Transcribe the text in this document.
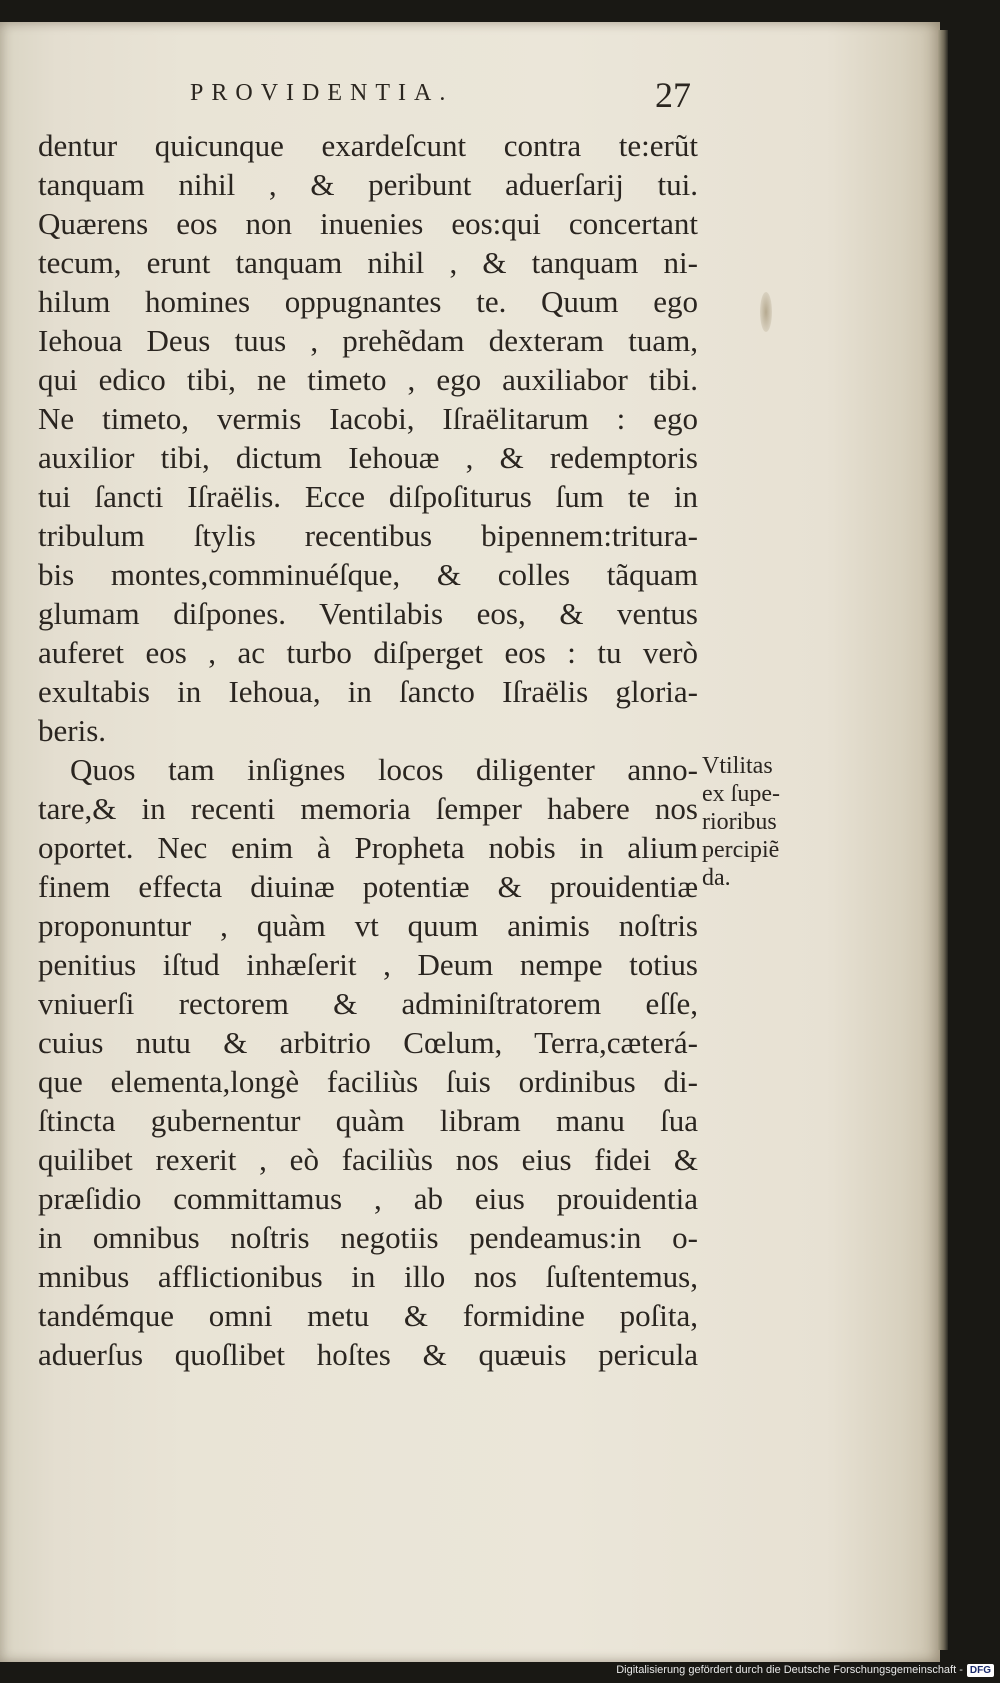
PROVIDENTIA.	27
dentur quicunque exardeſcunt contra te:erũt
tanquam nihil , & peribunt aduerſarij tui.
Quærens eos non inuenies eos:qui concertant
tecum, erunt tanquam nihil , & tanquam ni-
hilum homines oppugnantes te. Quum ego
Iehoua Deus tuus , prehẽdam dexteram tuam,
qui edico tibi, ne timeto , ego auxiliabor tibi.
Ne timeto, vermis Iacobi, Iſraëlitarum : ego
auxilior tibi, dictum Iehouæ , & redemptoris
tui ſancti Iſraëlis. Ecce diſpoſiturus ſum te in
tribulum ſtylis recentibus bipennem:tritura-
bis montes,comminuéſque, & colles tãquam
glumam diſpones. Ventilabis eos, & ventus
auferet eos , ac turbo diſperget eos : tu verò
exultabis in Iehoua, in ſancto Iſraëlis gloria-
beris.
Quos tam inſignes locos diligenter anno-
tare,& in recenti memoria ſemper habere nos
oportet. Nec enim à Propheta nobis in alium
finem effecta diuinæ potentiæ & prouidentiæ
proponuntur , quàm vt quum animis noſtris
penitius iſtud inhæſerit , Deum nempe totius
vniuerſi rectorem & adminiſtratorem eſſe,
cuius nutu & arbitrio Cœlum, Terra,cæterá-
que elementa,longè faciliùs ſuis ordinibus di-
ſtincta gubernentur quàm libram manu ſua
quilibet rexerit , eò faciliùs nos eius fidei &
præſidio committamus , ab eius prouidentia
in omnibus noſtris negotiis pendeamus:in o-
mnibus afflictionibus in illo nos ſuſtentemus,
tandémque omni metu & formidine poſita,
aduerſus quoſlibet hoſtes & quæuis pericula
Vtilitas
ex ſupe-
rioribus
percipiẽ
da.
Digitalisierung gefördert durch die Deutsche Forschungsgemeinschaft - DFG
